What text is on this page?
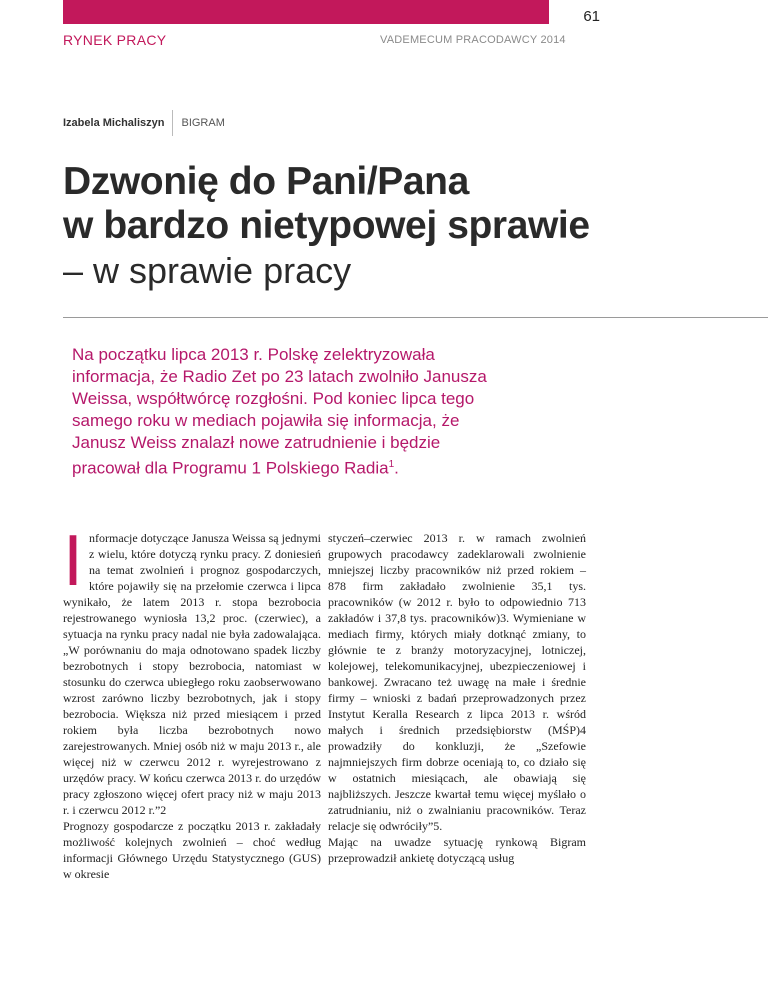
61
RYNEK PRACY	VADEMECUM PRACODAWCY 2014
Izabela Michaliszyn BIGRAM
Dzwonię do Pani/Pana
w bardzo nietypowej sprawie
– w sprawie pracy
Na początku lipca 2013 r. Polskę zelektryzowała informacja, że Radio Zet po 23 latach zwolniło Janusza Weissa, współtwórcę rozgłośni. Pod koniec lipca tego samego roku w mediach pojawiła się informacja, że Janusz Weiss znalazł nowe zatrudnienie i będzie pracował dla Programu 1 Polskiego Radia$^1$.
Informacje dotyczące Janusza Weissa są jednymi z wielu, które dotyczą rynku pracy. Z doniesień na temat zwolnień i prognoz gospodarczych, które pojawiły się na przełomie czerwca i lipca wynikało, że latem 2013 r. stopa bezrobocia rejestrowanego wyniosła 13,2 proc. (czerwiec), a sytuacja na rynku pracy nadal nie była zadowalająca. „W porównaniu do maja odnotowano spadek liczby bezrobotnych i stopy bezrobocia, natomiast w stosunku do czerwca ubiegłego roku zaobserwowano wzrost zarówno liczby bezrobotnych, jak i stopy bezrobocia. Większa niż przed miesiącem i przed rokiem była liczba bezrobotnych nowo zarejestrowanych. Mniej osób niż w maju 2013 r., ale więcej niż w czerwcu 2012 r. wyrejestrowano z urzędów pracy. W końcu czerwca 2013 r. do urzędów pracy zgłoszono więcej ofert pracy niż w maju 2013 r. i czerwcu 2012 r.”2
Prognozy gospodarcze z początku 2013 r. zakładały możliwość kolejnych zwolnień – choć według informacji Głównego Urzędu Statystycznego (GUS) w okresie
styczeń–czerwiec 2013 r. w ramach zwolnień grupowych pracodawcy zadeklarowali zwolnienie mniejszej liczby pracowników niż przed rokiem – 878 firm zakładało zwolnienie 35,1 tys. pracowników (w 2012 r. było to odpowiednio 713 zakładów i 37,8 tys. pracowników)3. Wymieniane w mediach firmy, których miały dotknąć zmiany, to głównie te z branży motoryzacyjnej, lotniczej, kolejowej, telekomunikacyjnej, ubezpieczeniowej i bankowej. Zwracano też uwagę na małe i średnie firmy – wnioski z badań przeprowadzonych przez Instytut Keralla Research z lipca 2013 r. wśród małych i średnich przedsiębiorstw (MŚP)4 prowadziły do konkluzji, że „Szefowie najmniejszych firm dobrze oceniają to, co działo się w ostatnich miesiącach, ale obawiają się najbliższych. Jeszcze kwartał temu więcej myślało o zatrudnianiu, niż o zwalnianiu pracowników. Teraz relacje się odwróciły”5.
Mając na uwadze sytuację rynkową Bigram przeprowadził ankietę dotyczącą usług
